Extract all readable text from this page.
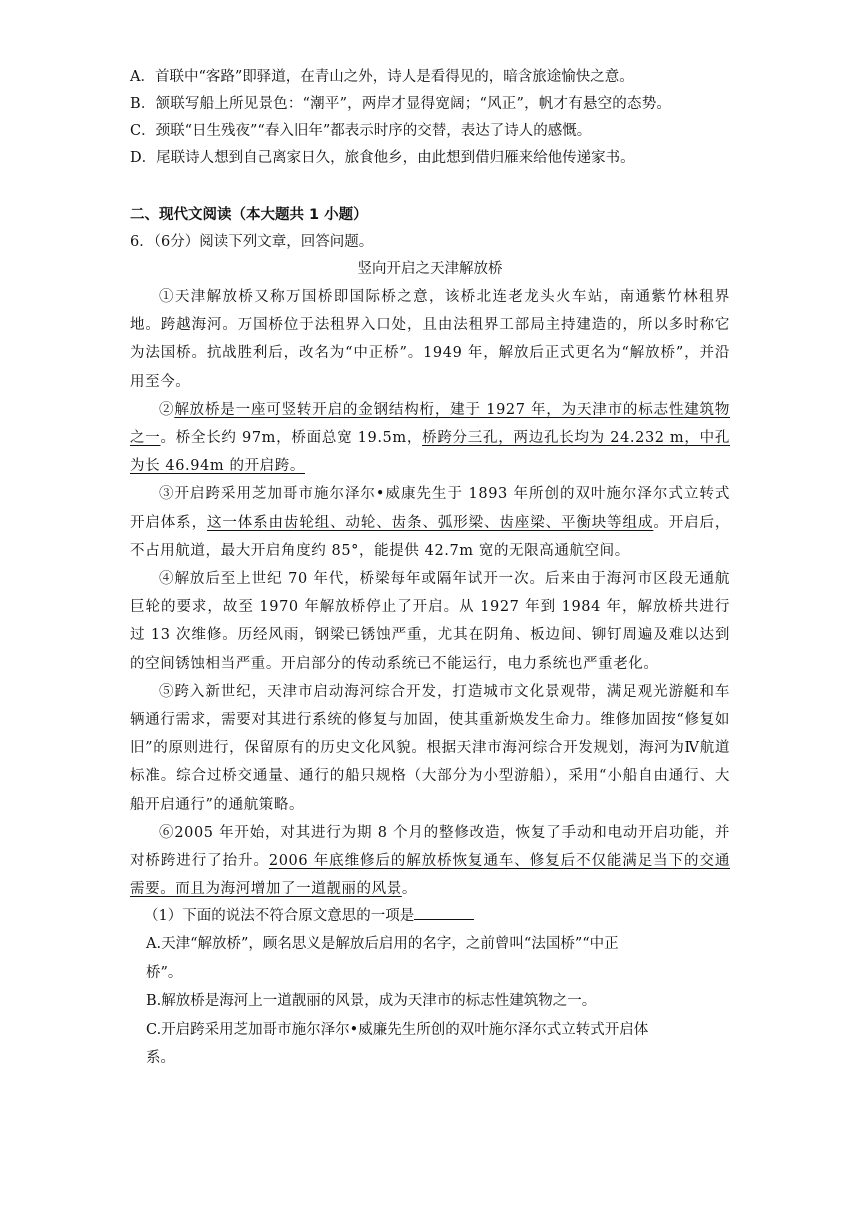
A．首联中“客路”即驿道，在青山之外，诗人是看得见的，暗含旅途愉快之意。
B．颔联写船上所见景色：“潮平”，两岸才显得宽阔；“风正”，帆才有悬空的态势。
C．颈联“日生残夜”“春入旧年”都表示时序的交替，表达了诗人的感慨。
D．尾联诗人想到自己离家日久，旅食他乡，由此想到借归雁来给他传递家书。
二、现代文阅读（本大题共 1 小题）
6．（6分）阅读下列文章，回答问题。
竖向开启之天津解放桥
①天津解放桥又称万国桥即国际桥之意，该桥北连老龙头火车站，南通紫竹林租界地。跨越海河。万国桥位于法租界入口处，且由法租界工部局主持建造的，所以多时称它为法国桥。抗战胜利后，改名为“中正桥”。1949 年，解放后正式更名为“解放桥”，并沿用至今。
②解放桥是一座可竖转开启的金钢结构桁，建于 1927 年，为天津市的标志性建筑物之一。桥全长约 97m，桥面总宽 19.5m，桥跨分三孔，两边孔长均为 24.232 m，中孔为长 46.94m 的开启跨。
③开启跨采用芝加哥市施尔泽尔•威康先生于 1893 年所创的双叶施尔泽尔式立转式开启体系，这一体系由齿轮组、动轮、齿条、弧形梁、齿座梁、平衡块等组成。开启后，不占用航道，最大开启角度约 85°，能提供 42.7m 宽的无限高通航空间。
④解放后至上世纪 70 年代，桥梁每年或隔年试开一次。后来由于海河市区段无通航巨轮的要求，故至 1970 年解放桥停止了开启。从 1927 年到 1984 年，解放桥共进行过 13 次维修。历经风雨，钢梁已锈蚀严重，尤其在阴角、板边间、铆钉周遍及难以达到的空间锈蚀相当严重。开启部分的传动系统已不能运行，电力系统也严重老化。
⑤跨入新世纪，天津市启动海河综合开发，打造城市文化景观带，满足观光游艇和车辆通行需求，需要对其进行系统的修复与加固，使其重新焕发生命力。维修加固按“修复如旧”的原则进行，保留原有的历史文化风貌。根据天津市海河综合开发规划，海河为Ⅳ航道标准。综合过桥交通量、通行的船只规格（大部分为小型游船），采用“小船自由通行、大船开启通行”的通航策略。
⑥2005 年开始，对其进行为期 8 个月的整修改造，恢复了手动和电动开启功能，并对桥跨进行了抬升。2006 年底维修后的解放桥恢复通车、修复后不仅能满足当下的交通需要。而且为海河增加了一道靓丽的风景。
（1）下面的说法不符合原文意思的一项是
A.天津“解放桥”，顾名思义是解放后启用的名字，之前曾叫“法国桥”“中正
桥”。
B.解放桥是海河上一道靓丽的风景，成为天津市的标志性建筑物之一。
C.开启跨采用芝加哥市施尔泽尔•威廉先生所创的双叶施尔泽尔式立转式开启体
系。
